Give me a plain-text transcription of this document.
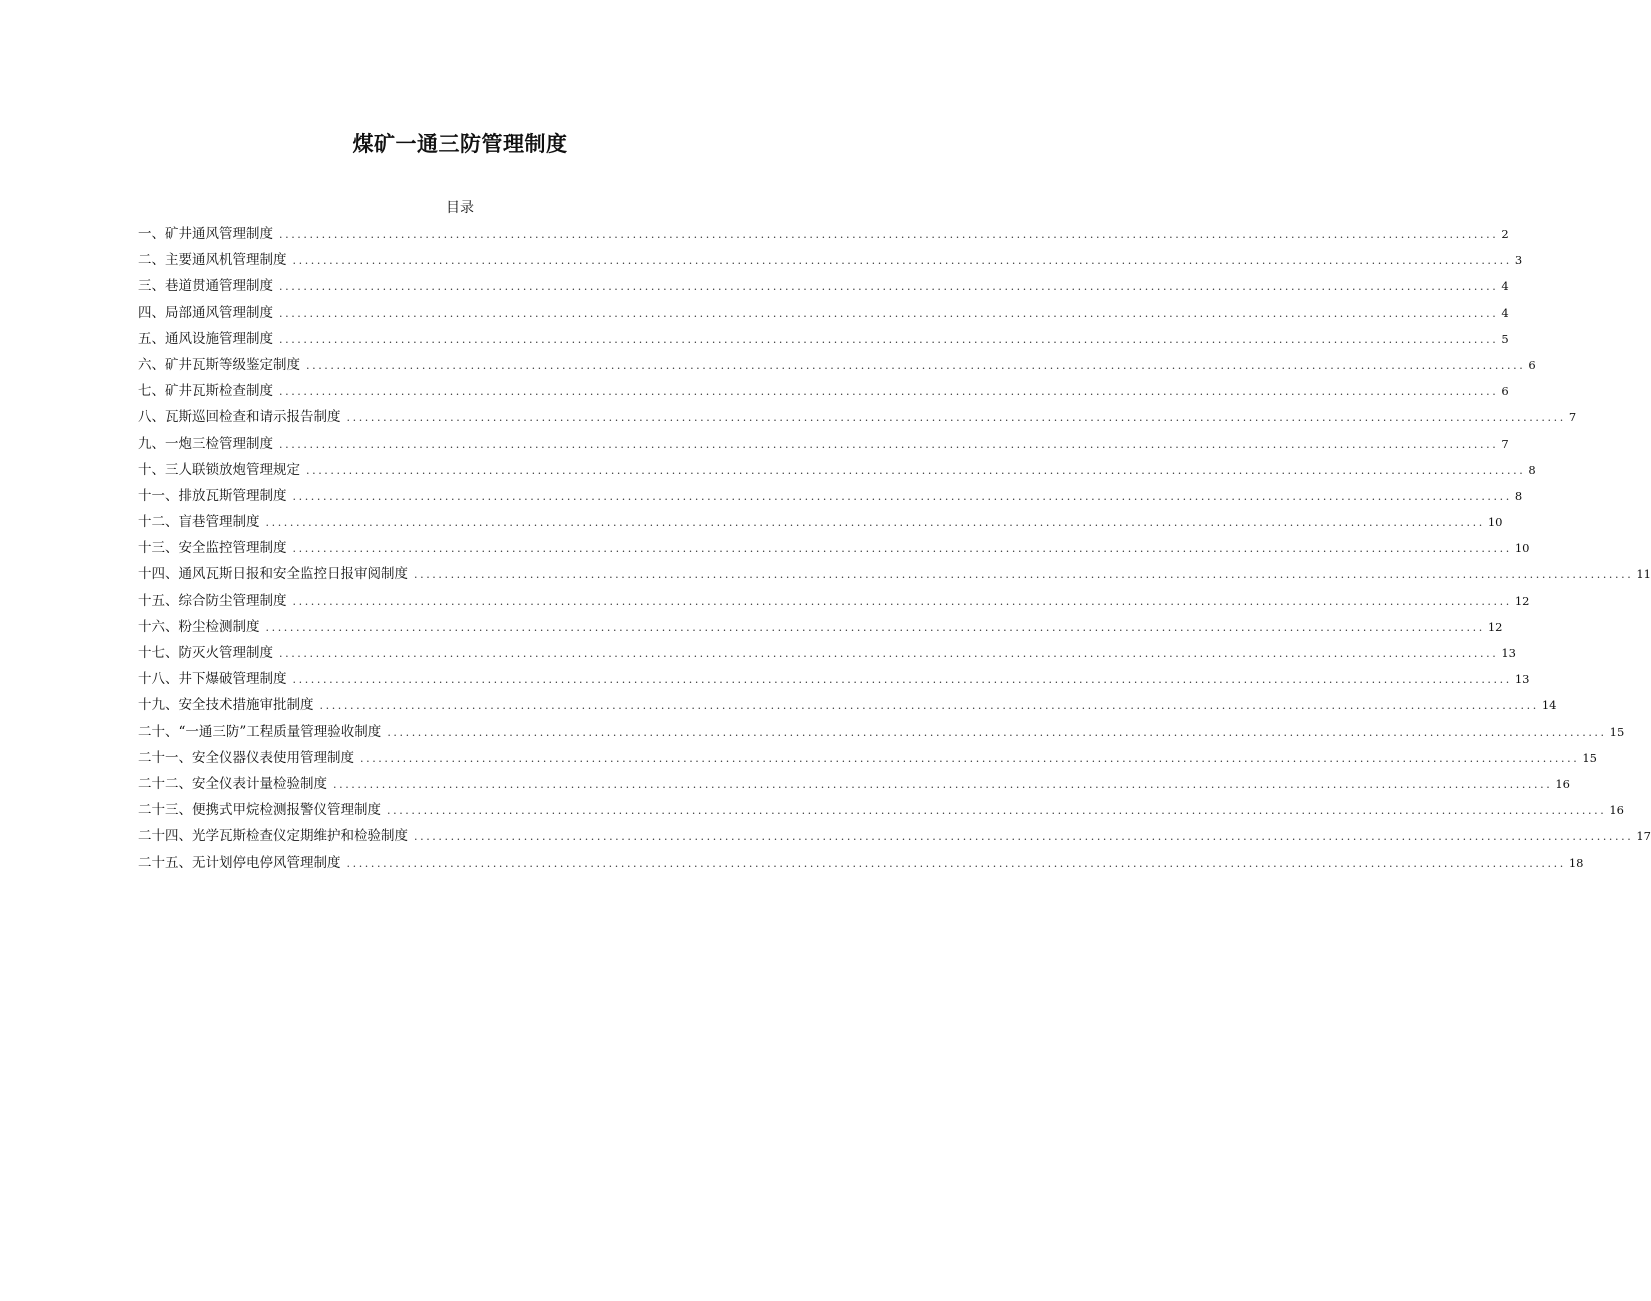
煤矿一通三防管理制度
目录
一、矿井通风管理制度 ........................................................................................................................................................................................................ 2
二、主要通风机管理制度 ........................................................................................................................................................................................................ 3
三、巷道贯通管理制度 ........................................................................................................................................................................................................ 4
四、局部通风管理制度 ........................................................................................................................................................................................................ 4
五、通风设施管理制度 ........................................................................................................................................................................................................ 5
六、矿井瓦斯等级鉴定制度 ........................................................................................................................................................................................................ 6
七、矿井瓦斯检查制度 ........................................................................................................................................................................................................ 6
八、瓦斯巡回检查和请示报告制度 ........................................................................................................................................................................................................ 7
九、一炮三检管理制度 ........................................................................................................................................................................................................ 7
十、三人联锁放炮管理规定 ........................................................................................................................................................................................................ 8
十一、排放瓦斯管理制度 ........................................................................................................................................................................................................ 8
十二、盲巷管理制度 ........................................................................................................................................................................................................ 10
十三、安全监控管理制度 ........................................................................................................................................................................................................ 10
十四、通风瓦斯日报和安全监控日报审阅制度 ........................................................................................................................................................................................................ 11
十五、综合防尘管理制度 ........................................................................................................................................................................................................ 12
十六、粉尘检测制度 ........................................................................................................................................................................................................ 12
十七、防灭火管理制度 ........................................................................................................................................................................................................ 13
十八、井下爆破管理制度 ........................................................................................................................................................................................................ 13
十九、安全技术措施审批制度 ........................................................................................................................................................................................................ 14
二十、“一通三防”工程质量管理验收制度 ........................................................................................................................................................................................................ 15
二十一、安全仪器仪表使用管理制度 ........................................................................................................................................................................................................ 15
二十二、安全仪表计量检验制度 ........................................................................................................................................................................................................ 16
二十三、便携式甲烷检测报警仪管理制度 ........................................................................................................................................................................................................ 16
二十四、光学瓦斯检查仪定期维护和检验制度 ........................................................................................................................................................................................................ 17
二十五、无计划停电停风管理制度 ........................................................................................................................................................................................................ 18
